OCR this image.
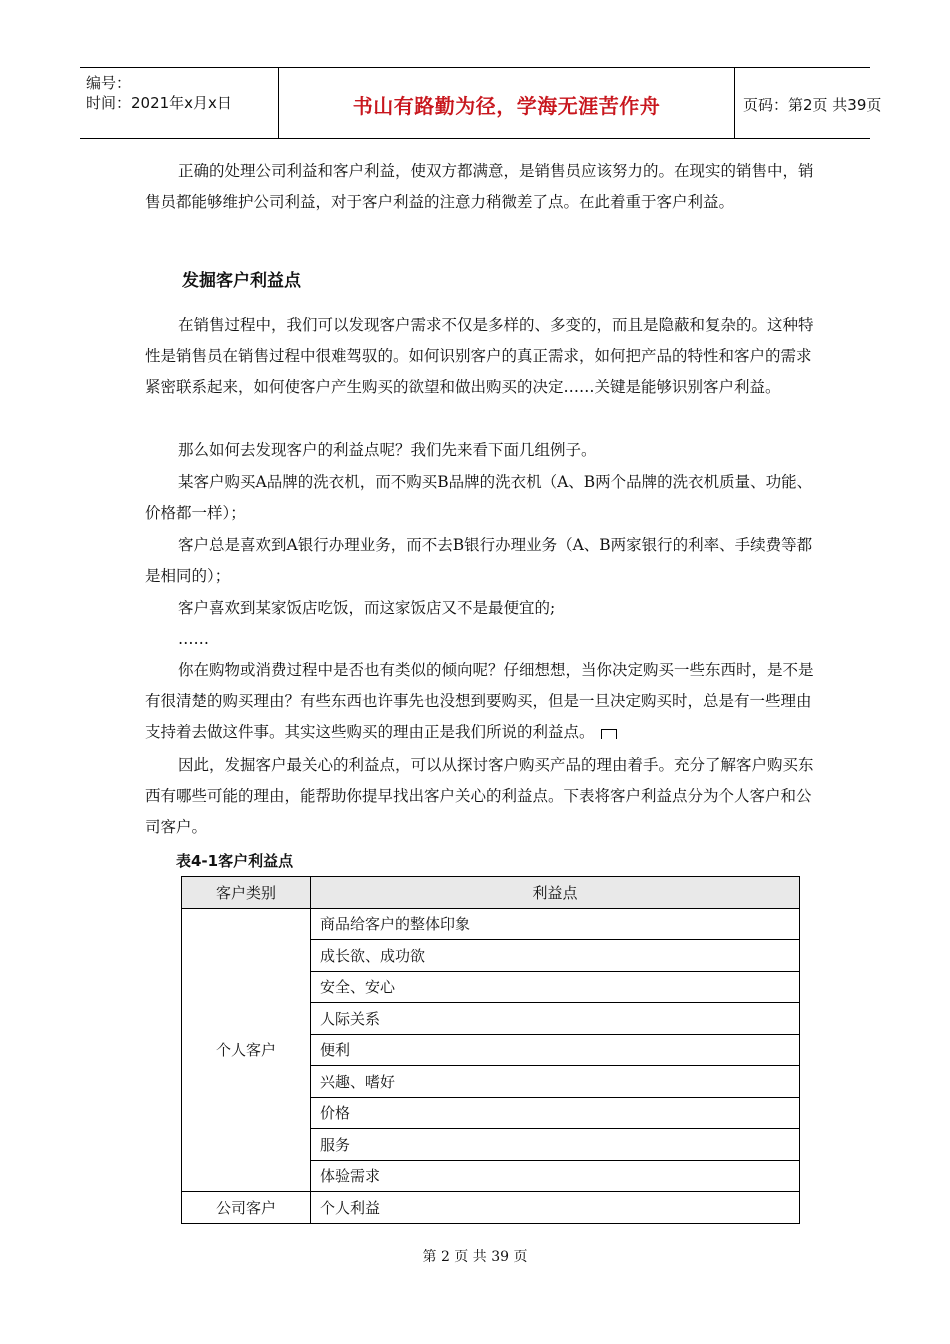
编号：
时间：2021年x月x日	书山有路勤为径，学海无涯苦作舟	页码：第2页 共39页

正确的处理公司利益和客户利益，使双方都满意，是销售员应该努力的。在现实的销售中，销售员都能够维护公司利益，对于客户利益的注意力稍微差了点。在此着重于客户利益。

发掘客户利益点

在销售过程中，我们可以发现客户需求不仅是多样的、多变的，而且是隐蔽和复杂的。这种特性是销售员在销售过程中很难驾驭的。如何识别客户的真正需求，如何把产品的特性和客户的需求紧密联系起来，如何使客户产生购买的欲望和做出购买的决定……关键是能够识别客户利益。

那么如何去发现客户的利益点呢？我们先来看下面几组例子。

某客户购买A品牌的洗衣机，而不购买B品牌的洗衣机（A、B两个品牌的洗衣机质量、功能、价格都一样）；

客户总是喜欢到A银行办理业务，而不去B银行办理业务（A、B两家银行的利率、手续费等都是相同的）；

客户喜欢到某家饭店吃饭，而这家饭店又不是最便宜的;

……

你在购物或消费过程中是否也有类似的倾向呢？仔细想想，当你决定购买一些东西时，是不是有很清楚的购买理由？有些东西也许事先也没想到要购买，但是一旦决定购买时，总是有一些理由支持着去做这件事。其实这些购买的理由正是我们所说的利益点。

因此，发掘客户最关心的利益点，可以从探讨客户购买产品的理由着手。充分了解客户购买东西有哪些可能的理由，能帮助你提早找出客户关心的利益点。下表将客户利益点分为个人客户和公司客户。

表4-1客户利益点
客户类别	利益点
个人客户	商品给客户的整体印象
	成长欲、成功欲
	安全、安心
	人际关系
	便利
	兴趣、嗜好
	价格
	服务
	体验需求
公司客户	个人利益
第 2 页 共 39 页
